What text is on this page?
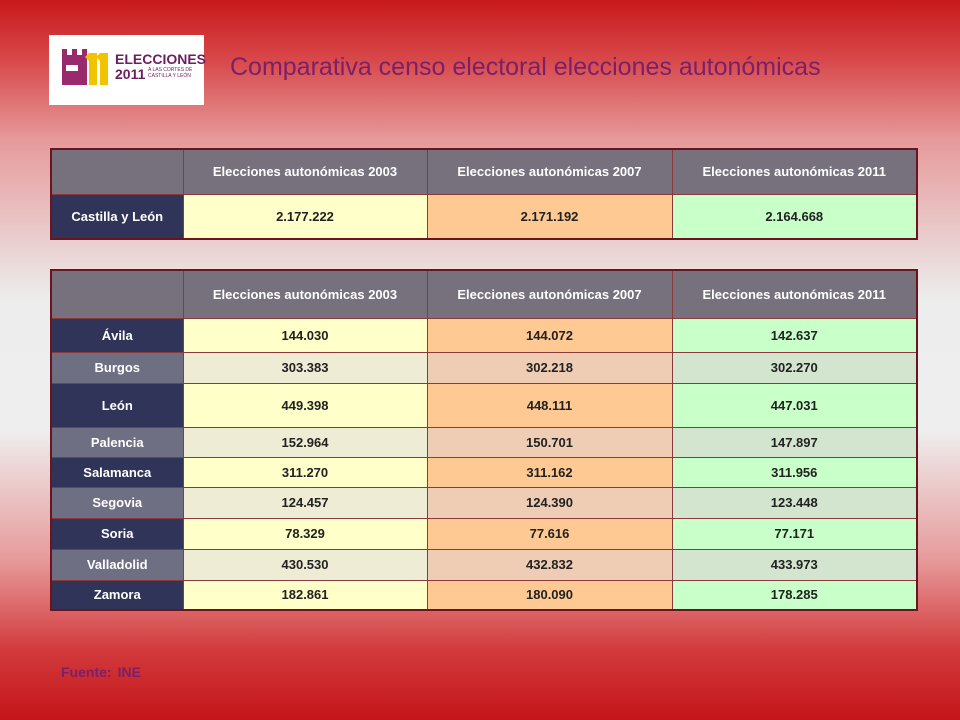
ELECCIONES
2011 A LAS CORTES DE CASTILLA Y LEÓN	Comparativa censo electoral elecciones autonómicas
	Elecciones autonómicas 2003	Elecciones autonómicas 2007	Elecciones autonómicas 2011
Castilla y León	2.177.222	2.171.192	2.164.668
	Elecciones autonómicas 2003	Elecciones autonómicas 2007	Elecciones autonómicas 2011
Ávila	144.030	144.072	142.637
Burgos	303.383	302.218	302.270
León	449.398	448.111	447.031
Palencia	152.964	150.701	147.897
Salamanca	311.270	311.162	311.956
Segovia	124.457	124.390	123.448
Soria	78.329	77.616	77.171
Valladolid	430.530	432.832	433.973
Zamora	182.861	180.090	178.285
Fuente: INE
